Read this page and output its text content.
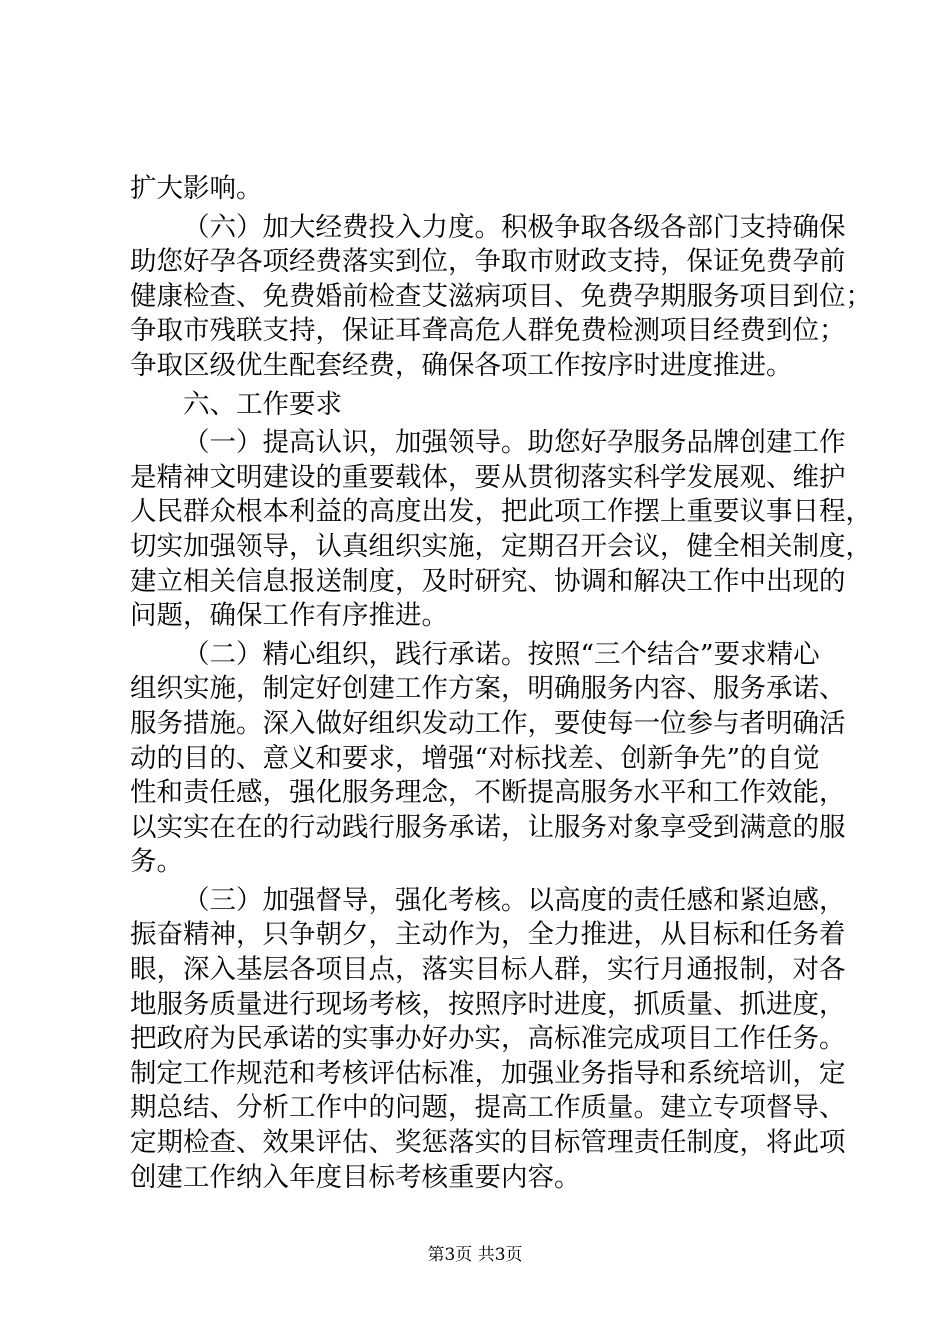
扩大影响。
（六）加大经费投入力度。积极争取各级各部门支持确保
助您好孕各项经费落实到位，争取市财政支持，保证免费孕前
健康检查、免费婚前检查艾滋病项目、免费孕期服务项目到位；
争取市残联支持，保证耳聋高危人群免费检测项目经费到位；
争取区级优生配套经费，确保各项工作按序时进度推进。
六、工作要求
（一）提高认识，加强领导。助您好孕服务品牌创建工作
是精神文明建设的重要载体，要从贯彻落实科学发展观、维护
人民群众根本利益的高度出发，把此项工作摆上重要议事日程，
切实加强领导，认真组织实施，定期召开会议，健全相关制度，
建立相关信息报送制度，及时研究、协调和解决工作中出现的
问题，确保工作有序推进。
（二）精心组织，践行承诺。按照“三个结合”要求精心
组织实施，制定好创建工作方案，明确服务内容、服务承诺、
服务措施。深入做好组织发动工作，要使每一位参与者明确活
动的目的、意义和要求，增强“对标找差、创新争先”的自觉
性和责任感，强化服务理念，不断提高服务水平和工作效能，
以实实在在的行动践行服务承诺，让服务对象享受到满意的服
务。
（三）加强督导，强化考核。以高度的责任感和紧迫感，
振奋精神，只争朝夕，主动作为，全力推进，从目标和任务着
眼，深入基层各项目点，落实目标人群，实行月通报制，对各
地服务质量进行现场考核，按照序时进度，抓质量、抓进度，
把政府为民承诺的实事办好办实，高标准完成项目工作任务。
制定工作规范和考核评估标准，加强业务指导和系统培训，定
期总结、分析工作中的问题，提高工作质量。建立专项督导、
定期检查、效果评估、奖惩落实的目标管理责任制度，将此项
创建工作纳入年度目标考核重要内容。
第3页 共3页
